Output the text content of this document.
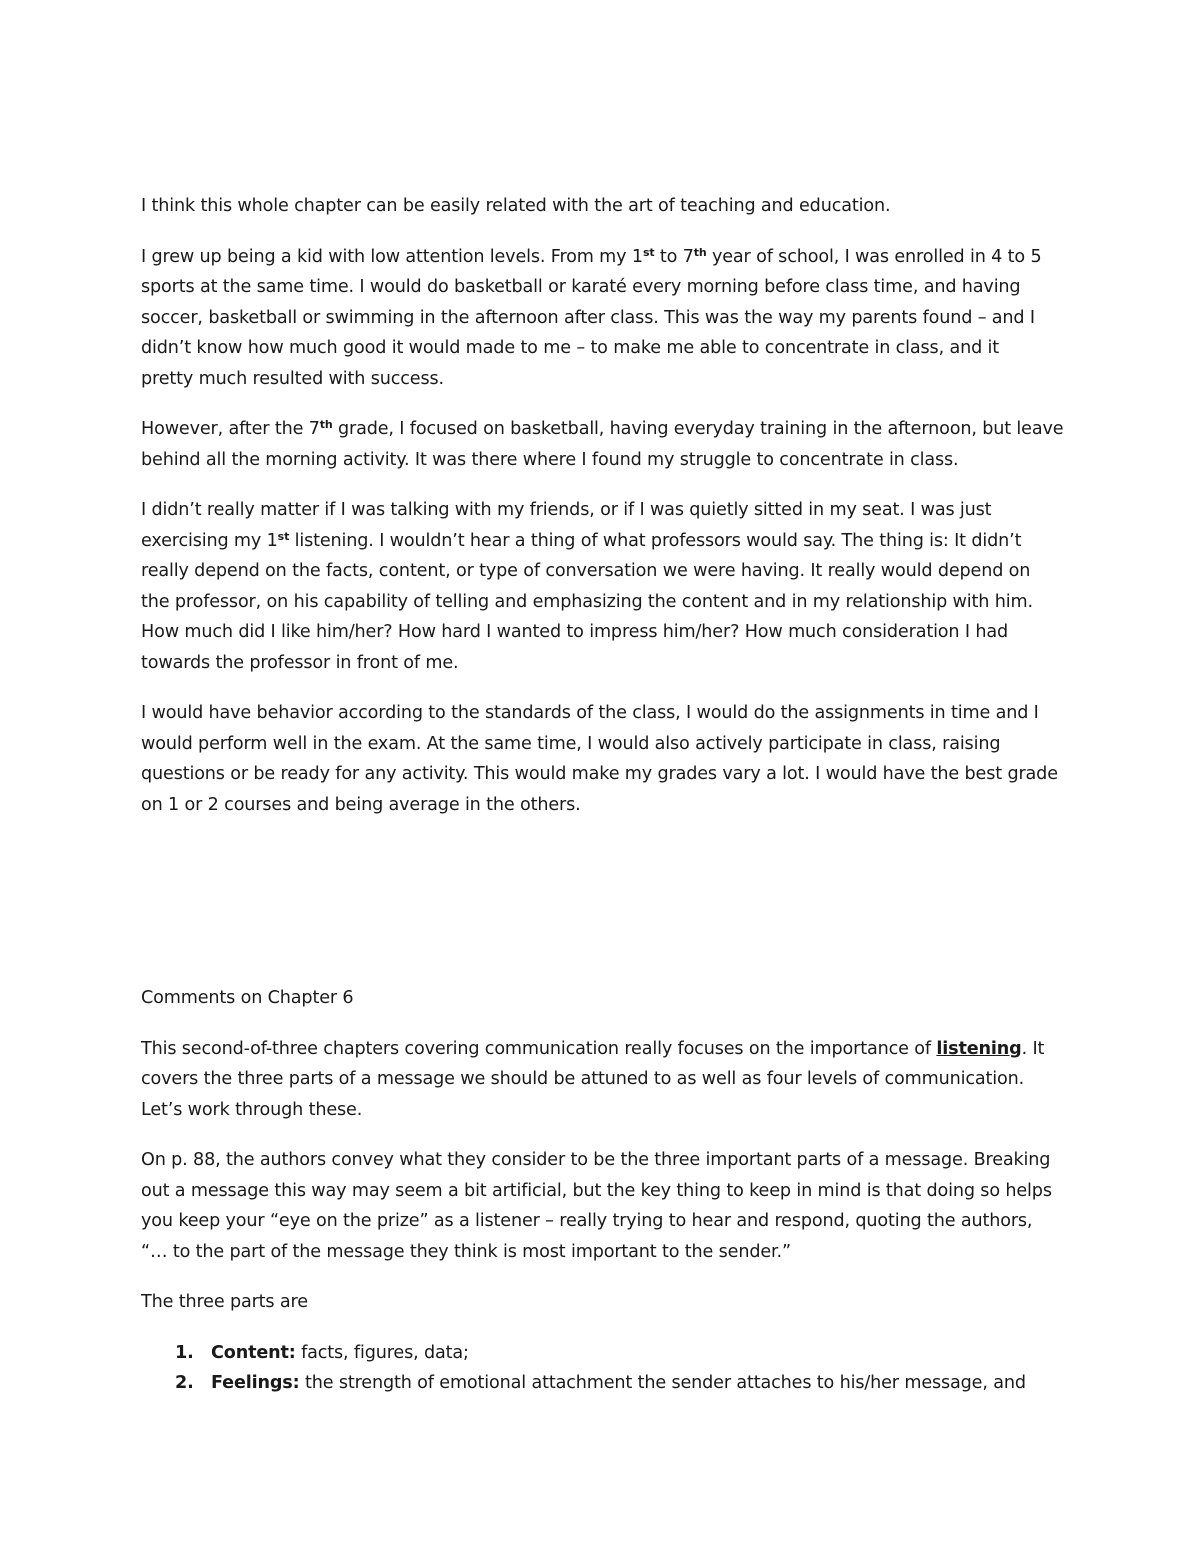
I think this whole chapter can be easily related with the art of teaching and education.

I grew up being a kid with low attention levels. From my 1st to 7th year of school, I was enrolled in 4 to 5
sports at the same time. I would do basketball or karaté every morning before class time, and having
soccer, basketball or swimming in the afternoon after class. This was the way my parents found – and I
didn’t know how much good it would made to me – to make me able to concentrate in class, and it
pretty much resulted with success.

However, after the 7th grade, I focused on basketball, having everyday training in the afternoon, but leave
behind all the morning activity. It was there where I found my struggle to concentrate in class.

I didn’t really matter if I was talking with my friends, or if I was quietly sitted in my seat. I was just
exercising my 1st listening. I wouldn’t hear a thing of what professors would say. The thing is: It didn’t
really depend on the facts, content, or type of conversation we were having. It really would depend on
the professor, on his capability of telling and emphasizing the content and in my relationship with him.
How much did I like him/her? How hard I wanted to impress him/her? How much consideration I had
towards the professor in front of me.

I would have behavior according to the standards of the class, I would do the assignments in time and I
would perform well in the exam. At the same time, I would also actively participate in class, raising
questions or be ready for any activity. This would make my grades vary a lot. I would have the best grade
on 1 or 2 courses and being average in the others.

Comments on Chapter 6

This second-of-three chapters covering communication really focuses on the importance of listening. It
covers the three parts of a message we should be attuned to as well as four levels of communication.
Let’s work through these.

On p. 88, the authors convey what they consider to be the three important parts of a message. Breaking
out a message this way may seem a bit artificial, but the key thing to keep in mind is that doing so helps
you keep your “eye on the prize” as a listener – really trying to hear and respond, quoting the authors,
“… to the part of the message they think is most important to the sender.”

The three parts are

1. Content: facts, figures, data;
2. Feelings: the strength of emotional attachment the sender attaches to his/her message, and
